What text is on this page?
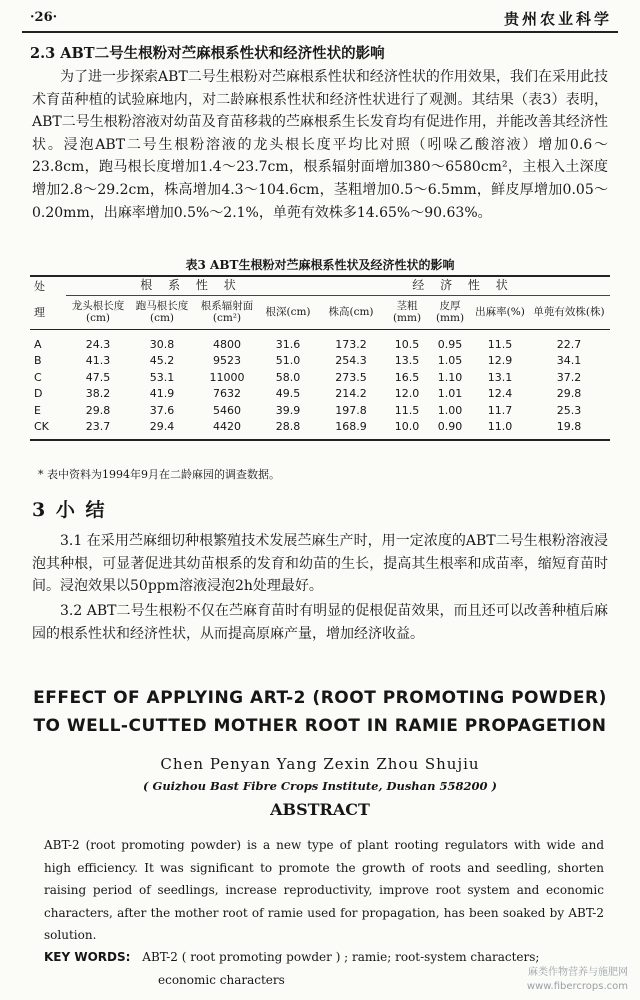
·26·	贵州农业科学
2.3 ABT二号生根粉对苎麻根系性状和经济性状的影响

为了进一步探索ABT二号生根粉对苎麻根系性状和经济性状的作用效果，我们在采用此技术育苗种植的试验麻地内，对二龄麻根系性状和经济性状进行了观测。其结果（表3）表明，ABT二号生根粉溶液对幼苗及育苗移栽的苎麻根系生长发育均有促进作用，并能改善其经济性状。浸泡ABT二号生根粉溶液的龙头根长度平均比对照（吲哚乙酸溶液）增加0.6～23.8cm，跑马根长度增加1.4～23.7cm，根系辐射面增加380～6580cm²，主根入土深度增加2.8～29.2cm，株高增加4.3～104.6cm，茎粗增加0.5～6.5mm，鲜皮厚增加0.05～0.20mm，出麻率增加0.5%～2.1%，单蔸有效株多14.65%～90.63%。

表3 ABT生根粉对苎麻根系性状及经济性状的影响
处	根 系 性 状				经 济 性 状				
理	龙头根长度(cm)	跑马根长度(cm)	根系辐射面(cm²)	根深(cm)	株高(cm)	茎粗(mm)	皮厚(mm)	出麻率(%)	单蔸有效株(株)
A	24.3	30.8	4800	31.6	173.2	10.5	0.95	11.5	22.7
B	41.3	45.2	9523	51.0	254.3	13.5	1.05	12.9	34.1
C	47.5	53.1	11000	58.0	273.5	16.5	1.10	13.1	37.2
D	38.2	41.9	7632	49.5	214.2	12.0	1.01	12.4	29.8
E	29.8	37.6	5460	39.9	197.8	11.5	1.00	11.7	25.3
CK	23.7	29.4	4420	28.8	168.9	10.0	0.90	11.0	19.8
* 表中资料为1994年9月在二龄麻园的调查数据。
3 小 结

3.1 在采用苎麻细切种根繁殖技术发展苎麻生产时，用一定浓度的ABT二号生根粉溶液浸泡其种根，可显著促进其幼苗根系的发育和幼苗的生长，提高其生根率和成苗率，缩短育苗时间。浸泡效果以50ppm溶液浸泡2h处理最好。

3.2 ABT二号生根粉不仅在苎麻育苗时有明显的促根促苗效果，而且还可以改善种植后麻园的根系性状和经济性状，从而提高原麻产量，增加经济收益。

EFFECT OF APPLYING ART-2 (ROOT PROMOTING POWDER)
TO WELL-CUTTED MOTHER ROOT IN RAMIE PROPAGETION
Chen Penyan Yang Zexin Zhou Shujiu
( Guizhou Bast Fibre Crops Institute, Dushan 558200 )
ABSTRACT

ABT-2 (root promoting powder) is a new type of plant rooting regulators with wide and high efficiency. It was significant to promote the growth of roots and seedling, shorten raising period of seedlings, increase reproductivity, improve root system and economic characters, after the mother root of ramie used for propagation, has been soaked by ABT-2 solution.

KEY WORDS: ABT-2 ( root promoting powder ) ; ramie; root-system characters;
economic characters	麻类作物营养与施肥网
www.fibercrops.com
